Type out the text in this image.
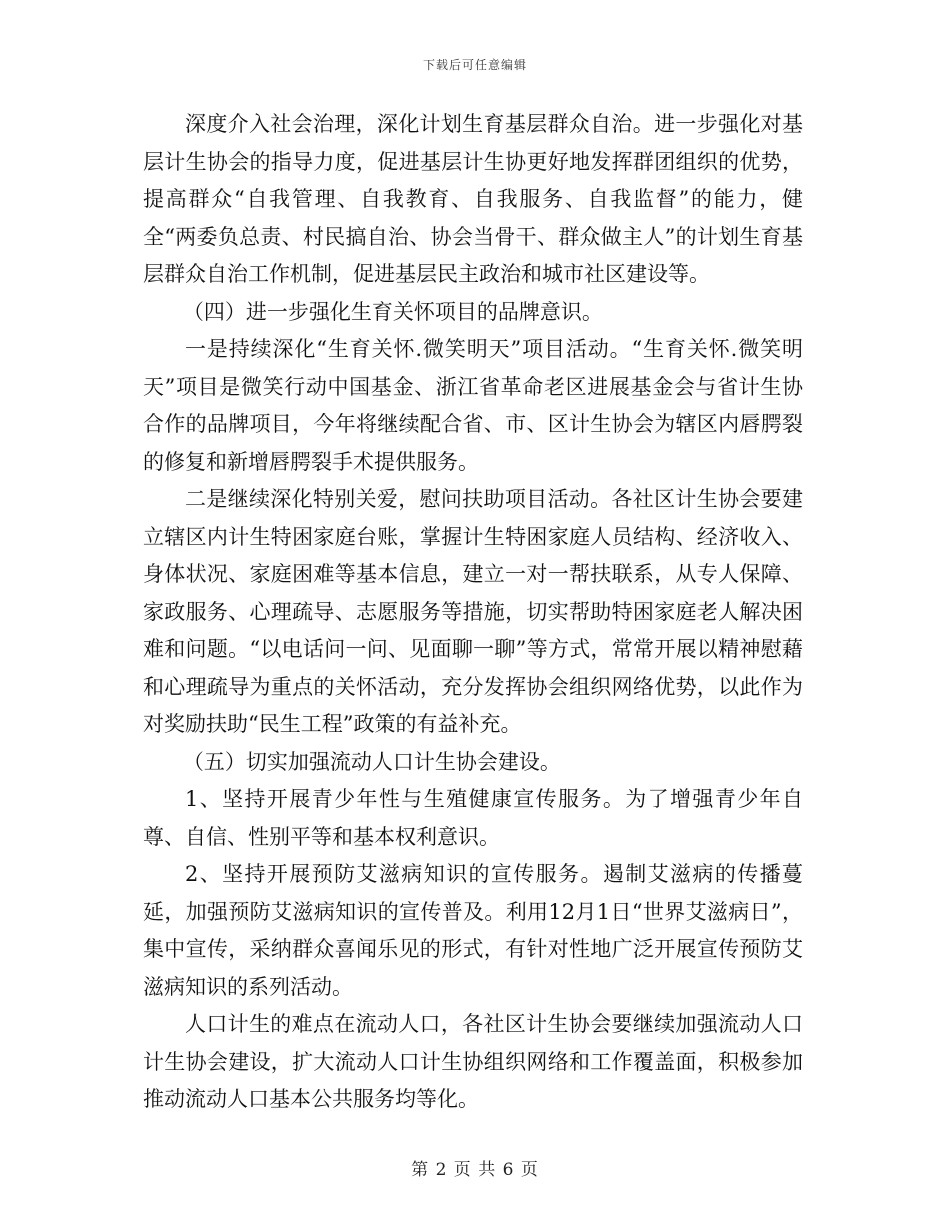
下载后可任意编辑

深度介入社会治理，深化计划生育基层群众自治。进一步强化对基层计生协会的指导力度，促进基层计生协更好地发挥群团组织的优势，提高群众“自我管理、自我教育、自我服务、自我监督”的能力，健全“两委负总责、村民搞自治、协会当骨干、群众做主人”的计划生育基层群众自治工作机制，促进基层民主政治和城市社区建设等。

（四）进一步强化生育关怀项目的品牌意识。

一是持续深化“生育关怀.微笑明天”项目活动。“生育关怀.微笑明天”项目是微笑行动中国基金、浙江省革命老区进展基金会与省计生协合作的品牌项目，今年将继续配合省、市、区计生协会为辖区内唇腭裂的修复和新增唇腭裂手术提供服务。

二是继续深化特别关爱，慰问扶助项目活动。各社区计生协会要建立辖区内计生特困家庭台账，掌握计生特困家庭人员结构、经济收入、身体状况、家庭困难等基本信息，建立一对一帮扶联系，从专人保障、家政服务、心理疏导、志愿服务等措施，切实帮助特困家庭老人解决困难和问题。“以电话问一问、见面聊一聊”等方式，常常开展以精神慰藉和心理疏导为重点的关怀活动，充分发挥协会组织网络优势，以此作为对奖励扶助“民生工程”政策的有益补充。

（五）切实加强流动人口计生协会建设。

1、坚持开展青少年性与生殖健康宣传服务。为了增强青少年自尊、自信、性别平等和基本权利意识。

2、坚持开展预防艾滋病知识的宣传服务。遏制艾滋病的传播蔓延，加强预防艾滋病知识的宣传普及。利用12月1日“世界艾滋病日”，集中宣传，采纳群众喜闻乐见的形式，有针对性地广泛开展宣传预防艾滋病知识的系列活动。

人口计生的难点在流动人口，各社区计生协会要继续加强流动人口计生协会建设，扩大流动人口计生协组织网络和工作覆盖面，积极参加推动流动人口基本公共服务均等化。

第 2 页 共 6 页
